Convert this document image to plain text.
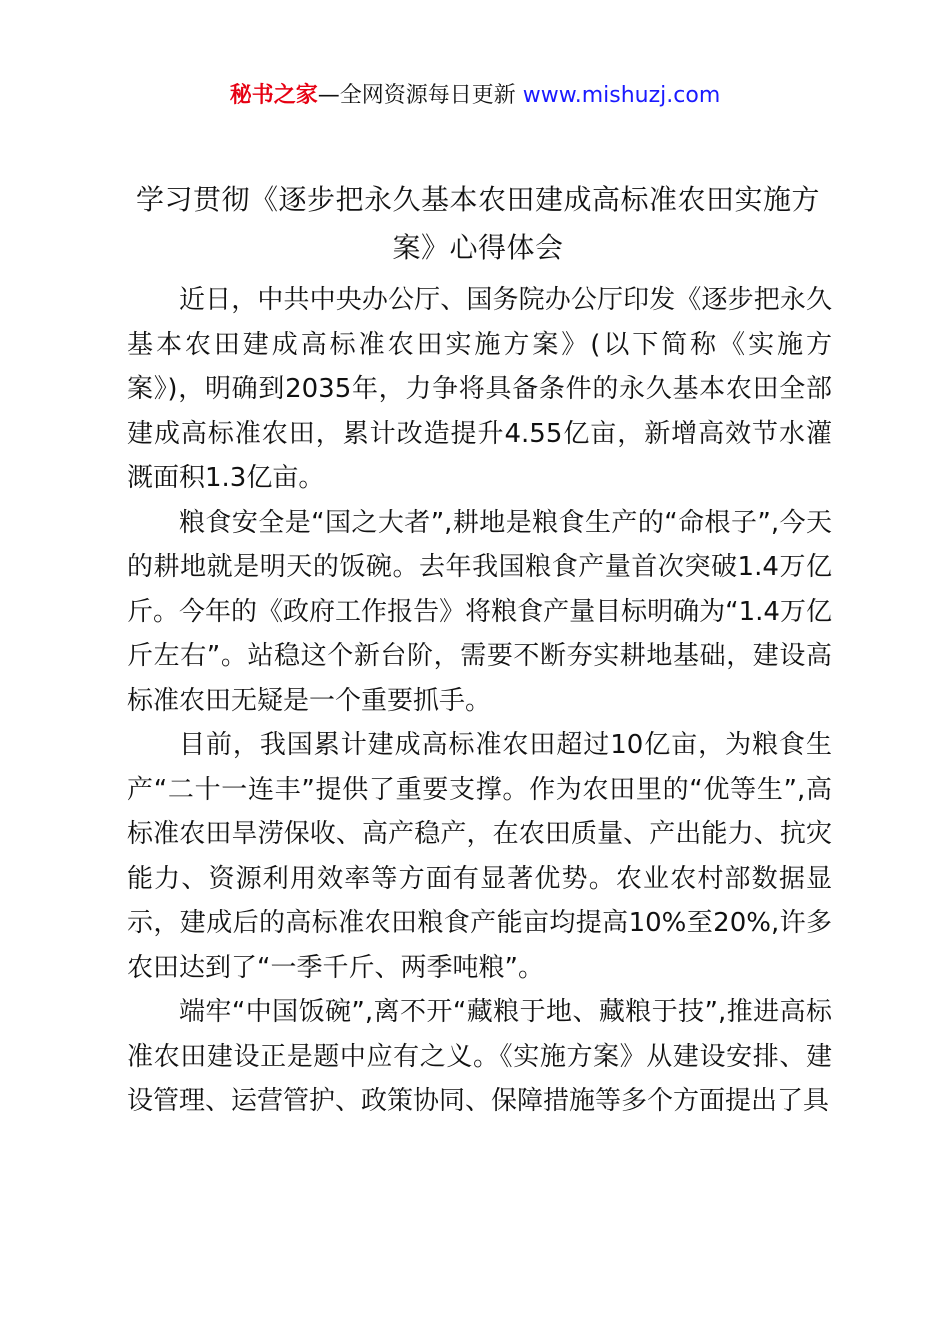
秘书之家—全网资源每日更新 www.mishuzj.com
学习贯彻《逐步把永久基本农田建成高标准农田实施方案》心得体会

近日，中共中央办公厅、国务院办公厅印发《逐步把永久基本农田建成高标准农田实施方案》(以下简称《实施方案》)，明确到2035年，力争将具备条件的永久基本农田全部建成高标准农田，累计改造提升4.55亿亩，新增高效节水灌溉面积1.3亿亩。

粮食安全是“国之大者”,耕地是粮食生产的“命根子”,今天的耕地就是明天的饭碗。去年我国粮食产量首次突破1.4万亿斤。今年的《政府工作报告》将粮食产量目标明确为“1.4万亿斤左右”。站稳这个新台阶，需要不断夯实耕地基础，建设高标准农田无疑是一个重要抓手。

目前，我国累计建成高标准农田超过10亿亩，为粮食生产“二十一连丰”提供了重要支撑。作为农田里的“优等生”,高标准农田旱涝保收、高产稳产，在农田质量、产出能力、抗灾能力、资源利用效率等方面有显著优势。农业农村部数据显示，建成后的高标准农田粮食产能亩均提高10%至20%,许多农田达到了“一季千斤、两季吨粮”。

端牢“中国饭碗”,离不开“藏粮于地、藏粮于技”,推进高标准农田建设正是题中应有之义。《实施方案》从建设安排、建设管理、运营管护、政策协同、保障措施等多个方面提出了具
